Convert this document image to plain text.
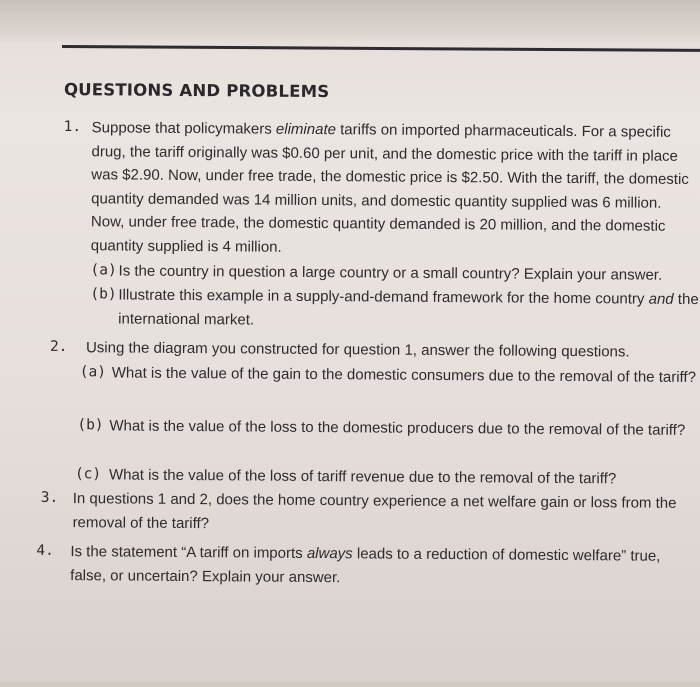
QUESTIONS AND PROBLEMS
1. Suppose that policymakers eliminate tariffs on imported pharmaceuticals. For a specific drug, the tariff originally was $0.60 per unit, and the domestic price with the tariff in place was $2.90. Now, under free trade, the domestic price is $2.50. With the tariff, the domestic quantity demanded was 14 million units, and domestic quantity supplied was 6 million. Now, under free trade, the domestic quantity demanded is 20 million, and the domestic quantity supplied is 4 million.
(a) Is the country in question a large country or a small country? Explain your answer.
(b) Illustrate this example in a supply-and-demand framework for the home country and the international market.
2. Using the diagram you constructed for question 1, answer the following questions.
(a) What is the value of the gain to the domestic consumers due to the removal of the tariff?
(b) What is the value of the loss to the domestic producers due to the removal of the tariff?
(c) What is the value of the loss of tariff revenue due to the removal of the tariff?
3. In questions 1 and 2, does the home country experience a net welfare gain or loss from the removal of the tariff?
4. Is the statement “A tariff on imports always leads to a reduction of domestic welfare” true, false, or uncertain? Explain your answer.
